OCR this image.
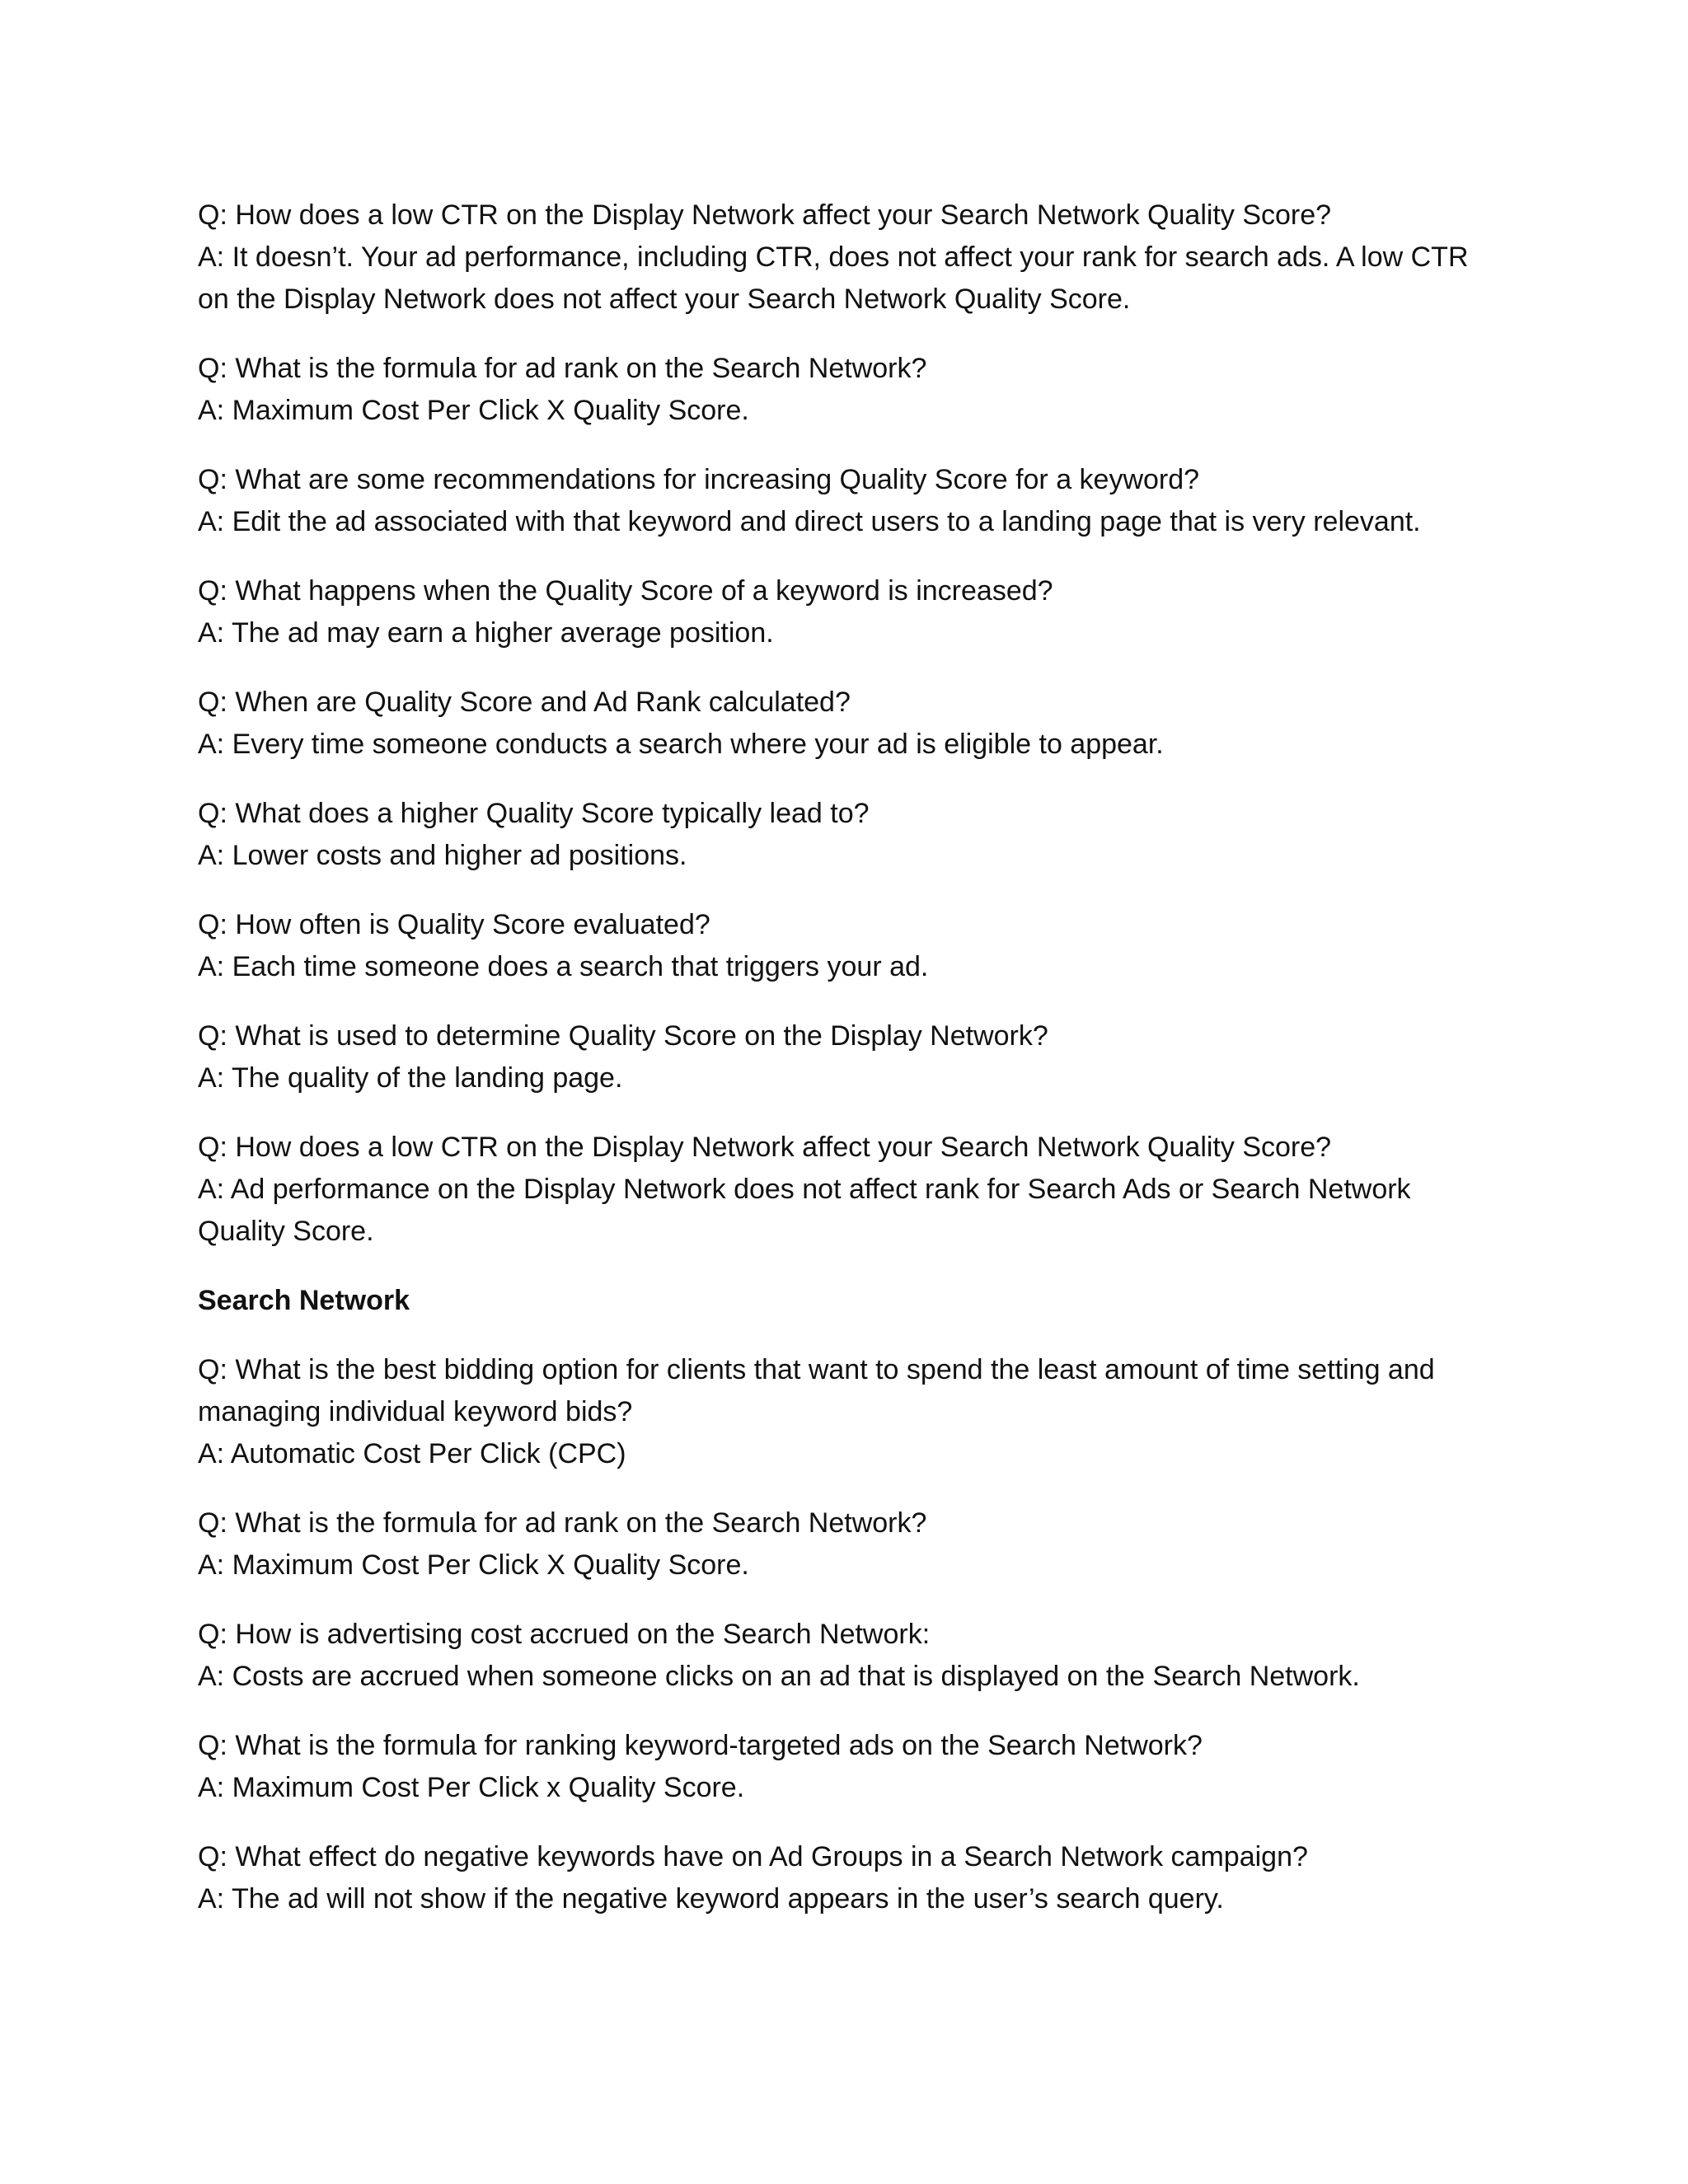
Q: How does a low CTR on the Display Network affect your Search Network Quality Score?

A: It doesn’t. Your ad performance, including CTR, does not affect your rank for search ads. A low CTR on the Display Network does not affect your Search Network Quality Score.

Q: What is the formula for ad rank on the Search Network?

A: Maximum Cost Per Click X Quality Score.

Q: What are some recommendations for increasing Quality Score for a keyword?

A: Edit the ad associated with that keyword and direct users to a landing page that is very relevant.

Q: What happens when the Quality Score of a keyword is increased?

A: The ad may earn a higher average position.

Q: When are Quality Score and Ad Rank calculated?

A: Every time someone conducts a search where your ad is eligible to appear.

Q: What does a higher Quality Score typically lead to?

A: Lower costs and higher ad positions.

Q: How often is Quality Score evaluated?

A: Each time someone does a search that triggers your ad.

Q: What is used to determine Quality Score on the Display Network?

A: The quality of the landing page.

Q: How does a low CTR on the Display Network affect your Search Network Quality Score?

A: Ad performance on the Display Network does not affect rank for Search Ads or Search Network Quality Score.

Search Network

Q: What is the best bidding option for clients that want to spend the least amount of time setting and managing individual keyword bids?

A: Automatic Cost Per Click (CPC)

Q: What is the formula for ad rank on the Search Network?

A: Maximum Cost Per Click X Quality Score.

Q: How is advertising cost accrued on the Search Network:

A: Costs are accrued when someone clicks on an ad that is displayed on the Search Network.

Q: What is the formula for ranking keyword-targeted ads on the Search Network?

A: Maximum Cost Per Click x Quality Score.

Q: What effect do negative keywords have on Ad Groups in a Search Network campaign?

A: The ad will not show if the negative keyword appears in the user’s search query.
